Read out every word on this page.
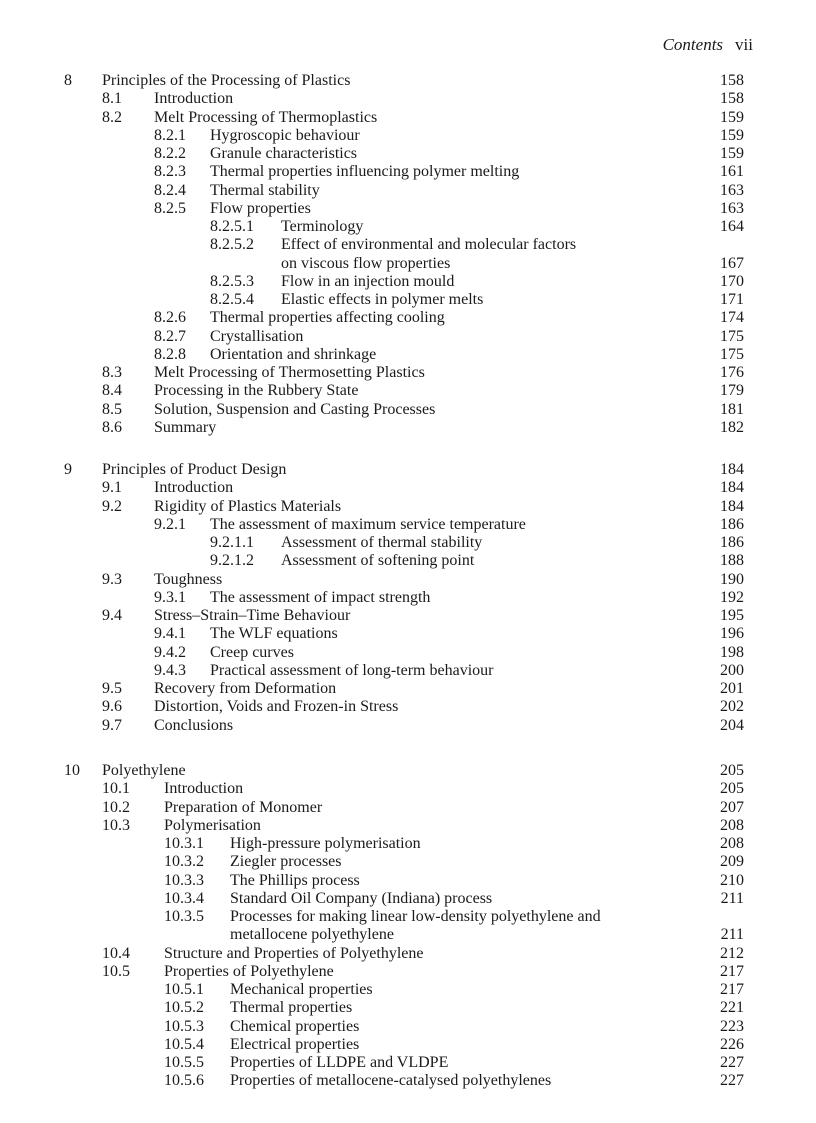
Contents vii
8 Principles of the Processing of Plastics	158
8.1 Introduction	158
8.2 Melt Processing of Thermoplastics	159
8.2.1 Hygroscopic behaviour	159
8.2.2 Granule characteristics	159
8.2.3 Thermal properties influencing polymer melting	161
8.2.4 Thermal stability	163
8.2.5 Flow properties	163
8.2.5.1 Terminology	164
8.2.5.2 Effect of environmental and molecular factors
on viscous flow properties	167
8.2.5.3 Flow in an injection mould	170
8.2.5.4 Elastic effects in polymer melts	171
8.2.6 Thermal properties affecting cooling	174
8.2.7 Crystallisation	175
8.2.8 Orientation and shrinkage	175
8.3 Melt Processing of Thermosetting Plastics	176
8.4 Processing in the Rubbery State	179
8.5 Solution, Suspension and Casting Processes	181
8.6 Summary	182
9 Principles of Product Design	184
9.1 Introduction	184
9.2 Rigidity of Plastics Materials	184
9.2.1 The assessment of maximum service temperature	186
9.2.1.1 Assessment of thermal stability	186
9.2.1.2 Assessment of softening point	188
9.3 Toughness	190
9.3.1 The assessment of impact strength	192
9.4 Stress–Strain–Time Behaviour	195
9.4.1 The WLF equations	196
9.4.2 Creep curves	198
9.4.3 Practical assessment of long-term behaviour	200
9.5 Recovery from Deformation	201
9.6 Distortion, Voids and Frozen-in Stress	202
9.7 Conclusions	204
10 Polyethylene	205
10.1 Introduction	205
10.2 Preparation of Monomer	207
10.3 Polymerisation	208
10.3.1 High-pressure polymerisation	208
10.3.2 Ziegler processes	209
10.3.3 The Phillips process	210
10.3.4 Standard Oil Company (Indiana) process	211
10.3.5 Processes for making linear low-density polyethylene and
metallocene polyethylene	211
10.4 Structure and Properties of Polyethylene	212
10.5 Properties of Polyethylene	217
10.5.1 Mechanical properties	217
10.5.2 Thermal properties	221
10.5.3 Chemical properties	223
10.5.4 Electrical properties	226
10.5.5 Properties of LLDPE and VLDPE	227
10.5.6 Properties of metallocene-catalysed polyethylenes	227
